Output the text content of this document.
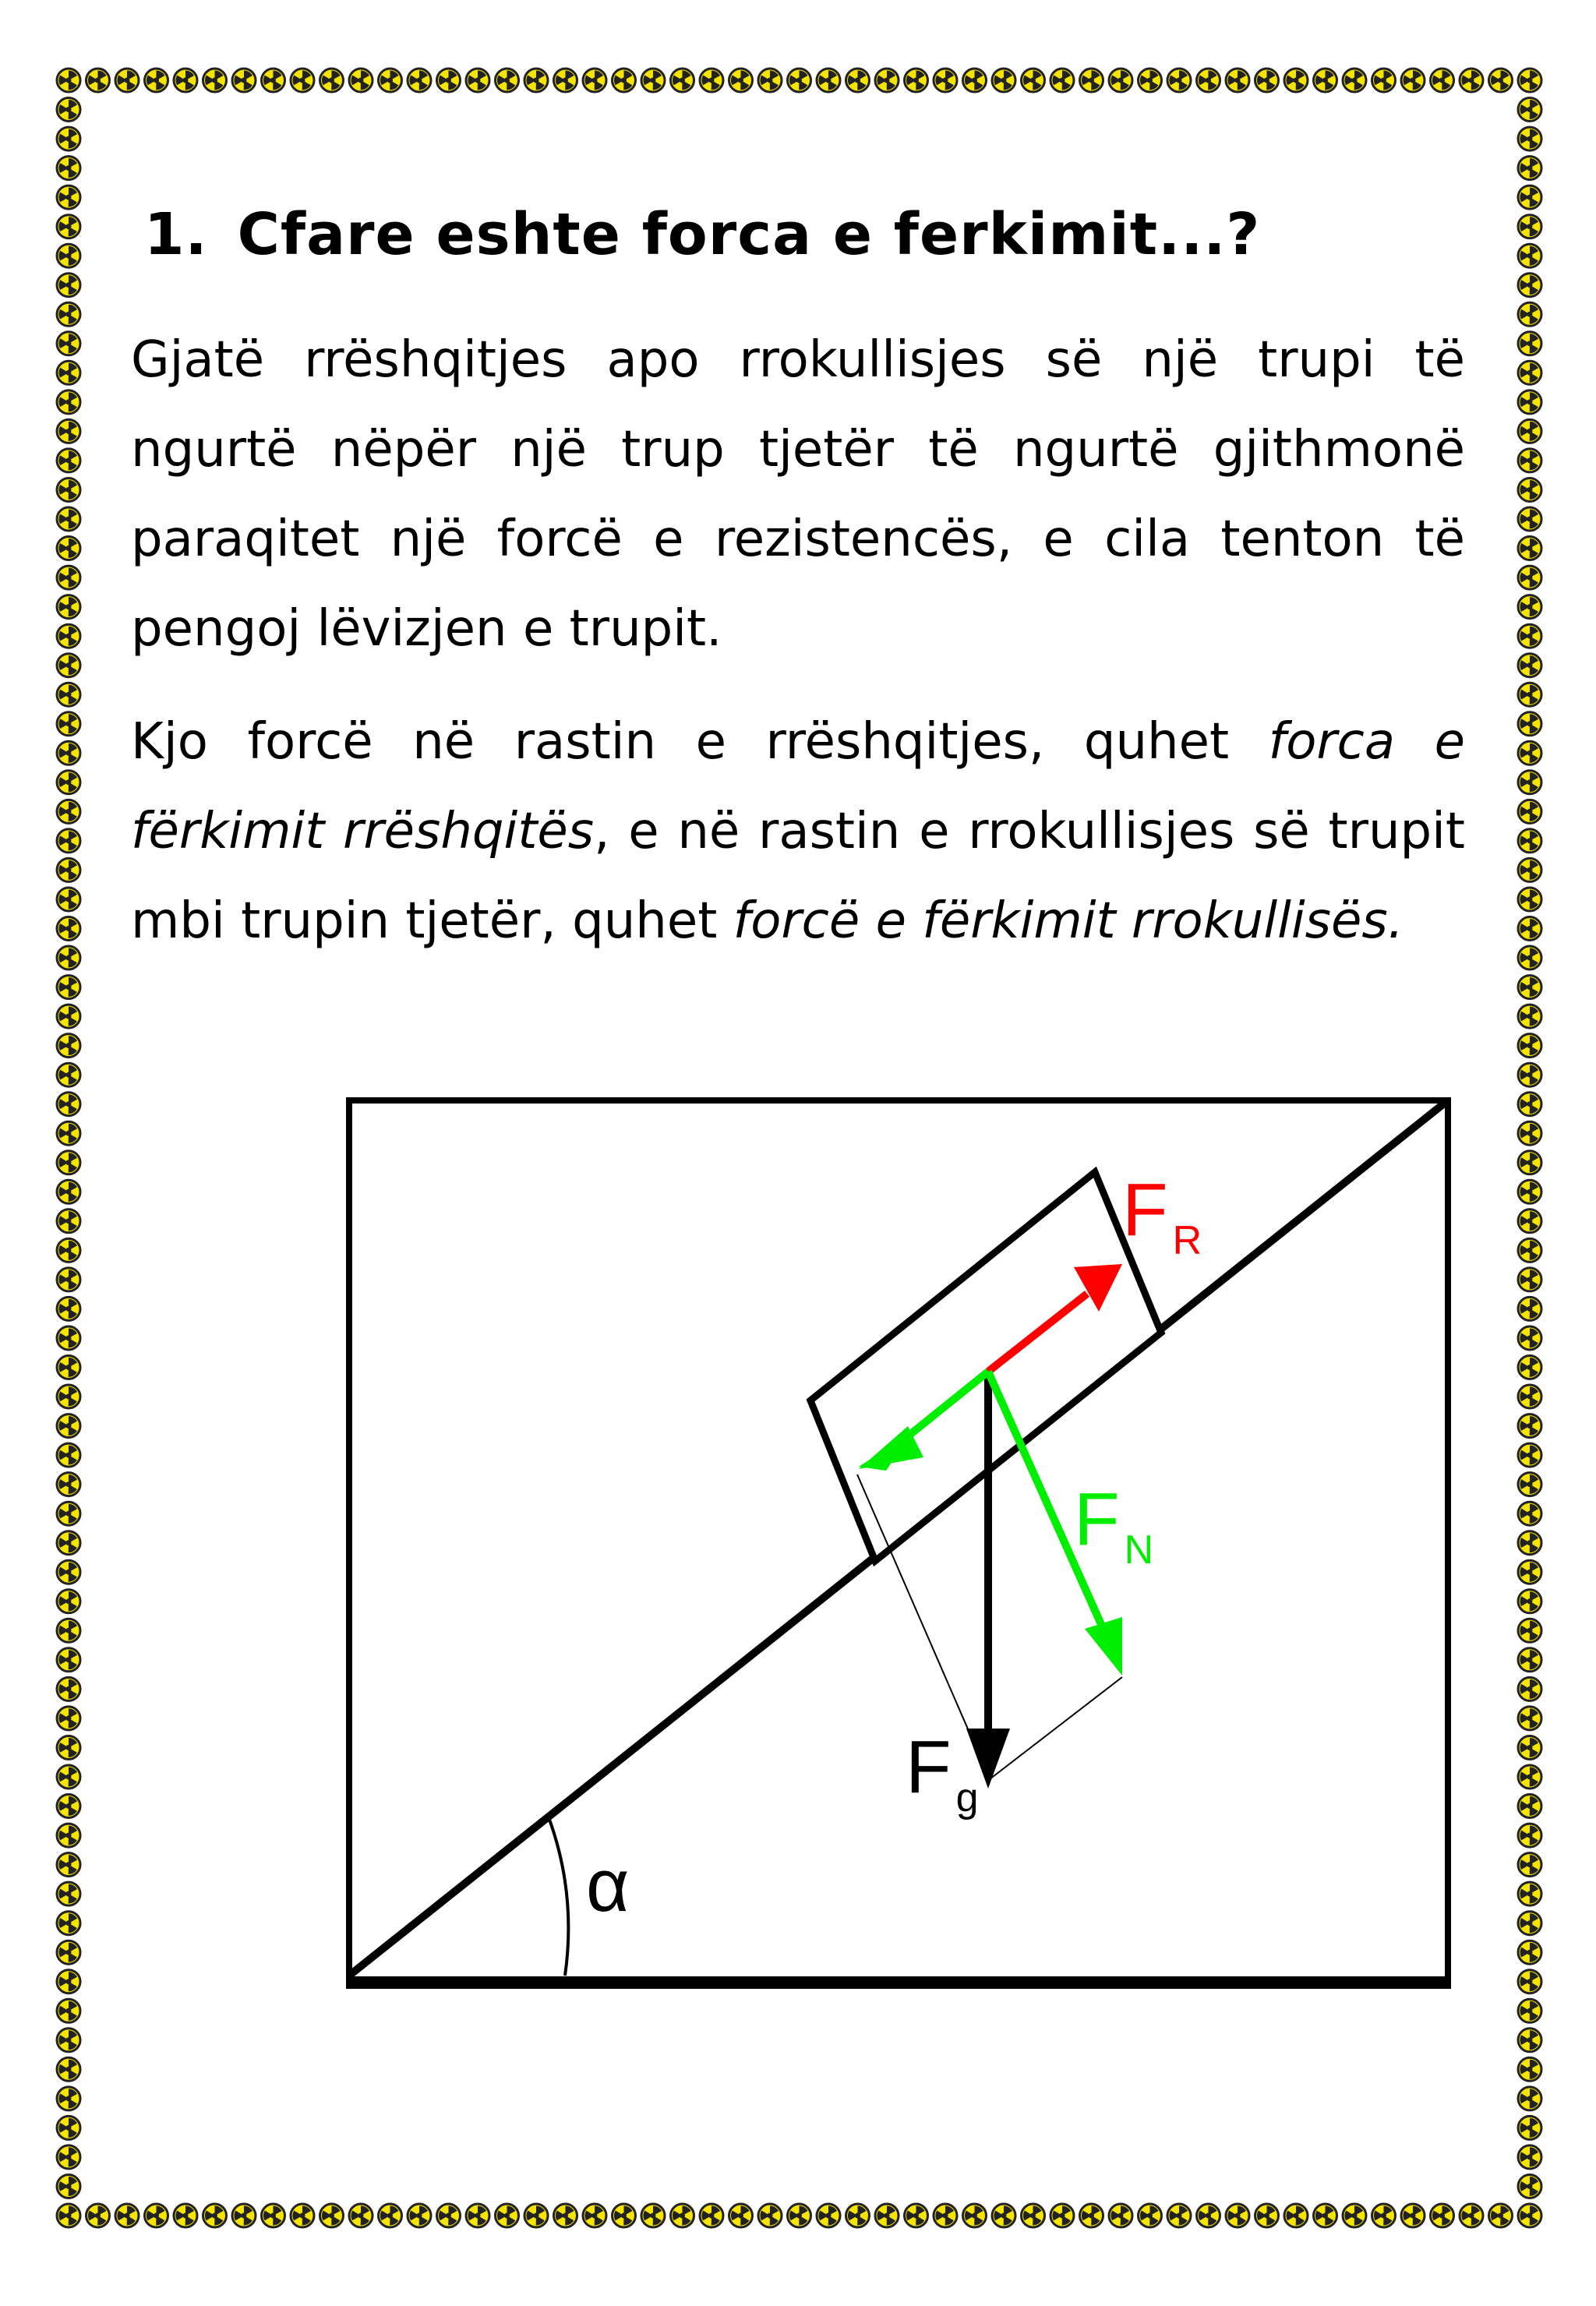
1. Cfare eshte forca e ferkimit...?

Gjatë rrëshqitjes apo rrokullisjes së një trupi të ngurtë nëpër një trup tjetër të ngurtë gjithmonë paraqitet një forcë e rezistencës, e cila tenton të pengoj lëvizjen e trupit.

Kjo forcë në rastin e rrëshqitjes, quhet forca e fërkimit rrëshqitës, e në rastin e rrokullisjes së trupit mbi trupin tjetër, quhet forcë e fërkimit rrokullisës.

α
F $_R$
F $_N$
F $_g$
